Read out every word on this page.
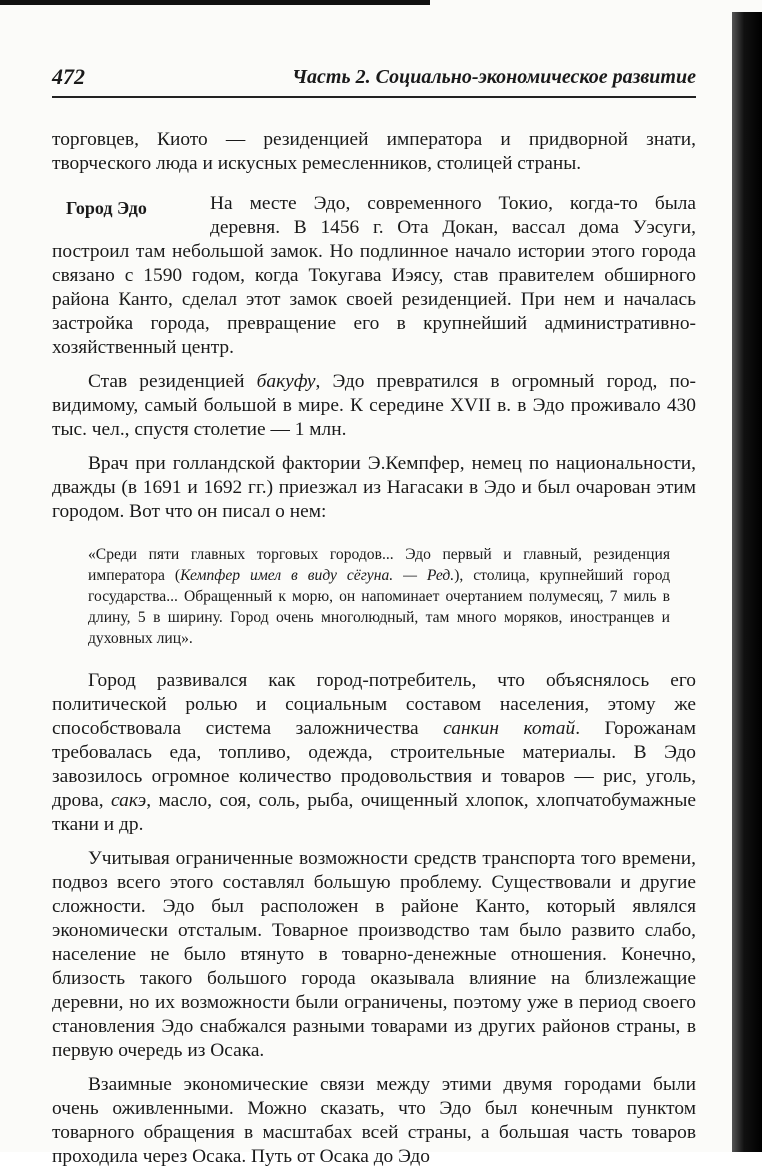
472	Часть 2. Социально-экономическое развитие

торговцев, Киото — резиденцией императора и придворной знати, творческого люда и искусных ремесленников, столицей страны.

Город Эдо	На месте Эдо, современного Токио, когда-то была деревня. В 1456 г. Ота Докан, вассал дома Уэсуги, построил там небольшой замок. Но подлинное начало истории этого города связано с 1590 годом, когда Токугава Иэясу, став правителем обширного района Канто, сделал этот замок своей резиденцией. При нем и началась застройка города, превращение его в крупнейший административно-хозяйственный центр.

Став резиденцией бакуфу, Эдо превратился в огромный город, по-видимому, самый большой в мире. К середине XVII в. в Эдо проживало 430 тыс. чел., спустя столетие — 1 млн.

Врач при голландской фактории Э.Кемпфер, немец по национальности, дважды (в 1691 и 1692 гг.) приезжал из Нагасаки в Эдо и был очарован этим городом. Вот что он писал о нем:

«Среди пяти главных торговых городов... Эдо первый и главный, резиденция императора (Кемпфер имел в виду сёгуна. — Ред.), столица, крупнейший город государства... Обращенный к морю, он напоминает очертанием полумесяц, 7 миль в длину, 5 в ширину. Город очень многолюдный, там много моряков, иностранцев и духовных лиц».

Город развивался как город-потребитель, что объяснялось его политической ролью и социальным составом населения, этому же способствовала система заложничества санкин котай. Горожанам требовалась еда, топливо, одежда, строительные материалы. В Эдо завозилось огромное количество продовольствия и товаров — рис, уголь, дрова, сакэ, масло, соя, соль, рыба, очищенный хлопок, хлопчатобумажные ткани и др.

Учитывая ограниченные возможности средств транспорта того времени, подвоз всего этого составлял большую проблему. Существовали и другие сложности. Эдо был расположен в районе Канто, который являлся экономически отсталым. Товарное производство там было развито слабо, население не было втянуто в товарно-денежные отношения. Конечно, близость такого большого города оказывала влияние на близлежащие деревни, но их возможности были ограничены, поэтому уже в период своего становления Эдо снабжался разными товарами из других районов страны, в первую очередь из Осака.

Взаимные экономические связи между этими двумя городами были очень оживленными. Можно сказать, что Эдо был конечным пунктом товарного обращения в масштабах всей страны, а большая часть товаров проходила через Осака. Путь от Осака до Эдо
